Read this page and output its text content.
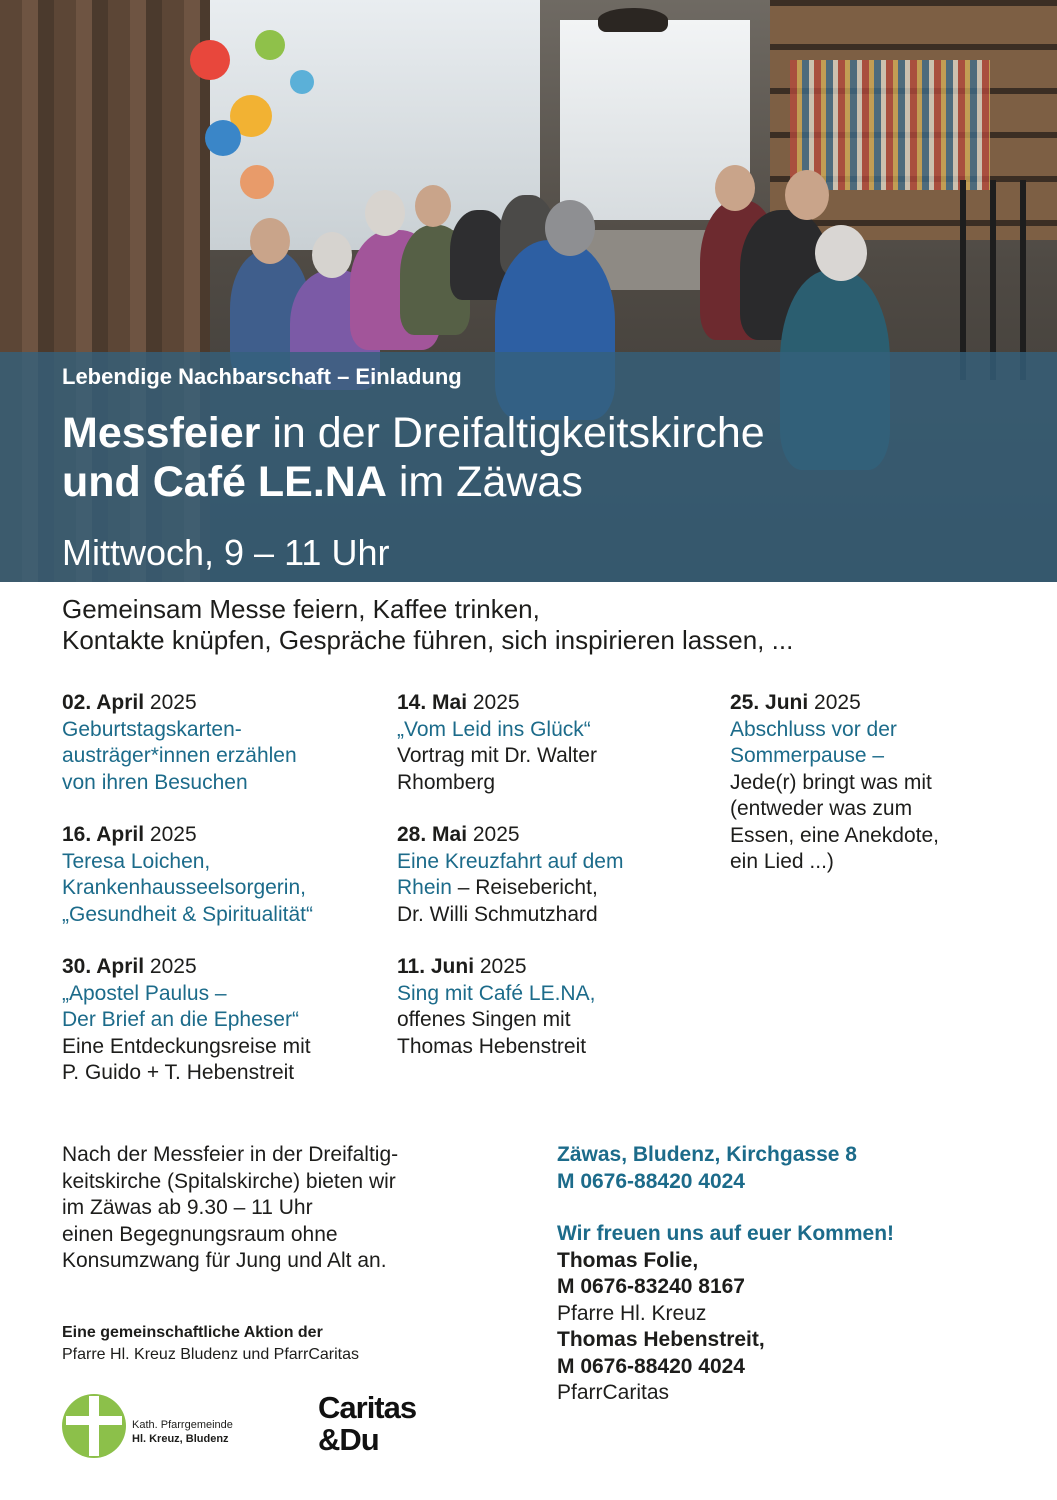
Lebendige Nachbarschaft – Einladung
Messfeier in der Dreifaltigkeitskirche
und Café LE.NA im Zäwas
Mittwoch, 9 – 11 Uhr
Gemeinsam Messe feiern, Kaffee trinken,
Kontakte knüpfen, Gespräche führen, sich inspirieren lassen, ...
02. April 2025
Geburtstagskarten-
austräger*innen erzählen
von ihren Besuchen
16. April 2025
Teresa Loichen,
Krankenhausseelsorgerin,
„Gesundheit & Spiritualität“
30. April 2025
„Apostel Paulus –
Der Brief an die Epheser“
Eine Entdeckungsreise mit
P. Guido + T. Hebenstreit
14. Mai 2025
„Vom Leid ins Glück“
Vortrag mit Dr. Walter
Rhomberg
28. Mai 2025
Eine Kreuzfahrt auf dem
Rhein – Reisebericht,
Dr. Willi Schmutzhard
11. Juni 2025
Sing mit Café LE.NA,
offenes Singen mit
Thomas Hebenstreit
25. Juni 2025
Abschluss vor der
Sommerpause –
Jede(r) bringt was mit
(entweder was zum
Essen, eine Anekdote,
ein Lied ...)
Nach der Messfeier in der Dreifaltig-
keitskirche (Spitalskirche) bieten wir
im Zäwas ab 9.30 – 11 Uhr
einen Begegnungsraum ohne
Konsumzwang für Jung und Alt an.
Eine gemeinschaftliche Aktion der
Pfarre Hl. Kreuz Bludenz und PfarrCaritas
Zäwas, Bludenz, Kirchgasse 8
M 0676-88420 4024
Wir freuen uns auf euer Kommen!
Thomas Folie,
M 0676-83240 8167
Pfarre Hl. Kreuz
Thomas Hebenstreit,
M 0676-88420 4024
PfarrCaritas
Kath. Pfarrgemeinde
Hl. Kreuz, Bludenz
Caritas
&Du
